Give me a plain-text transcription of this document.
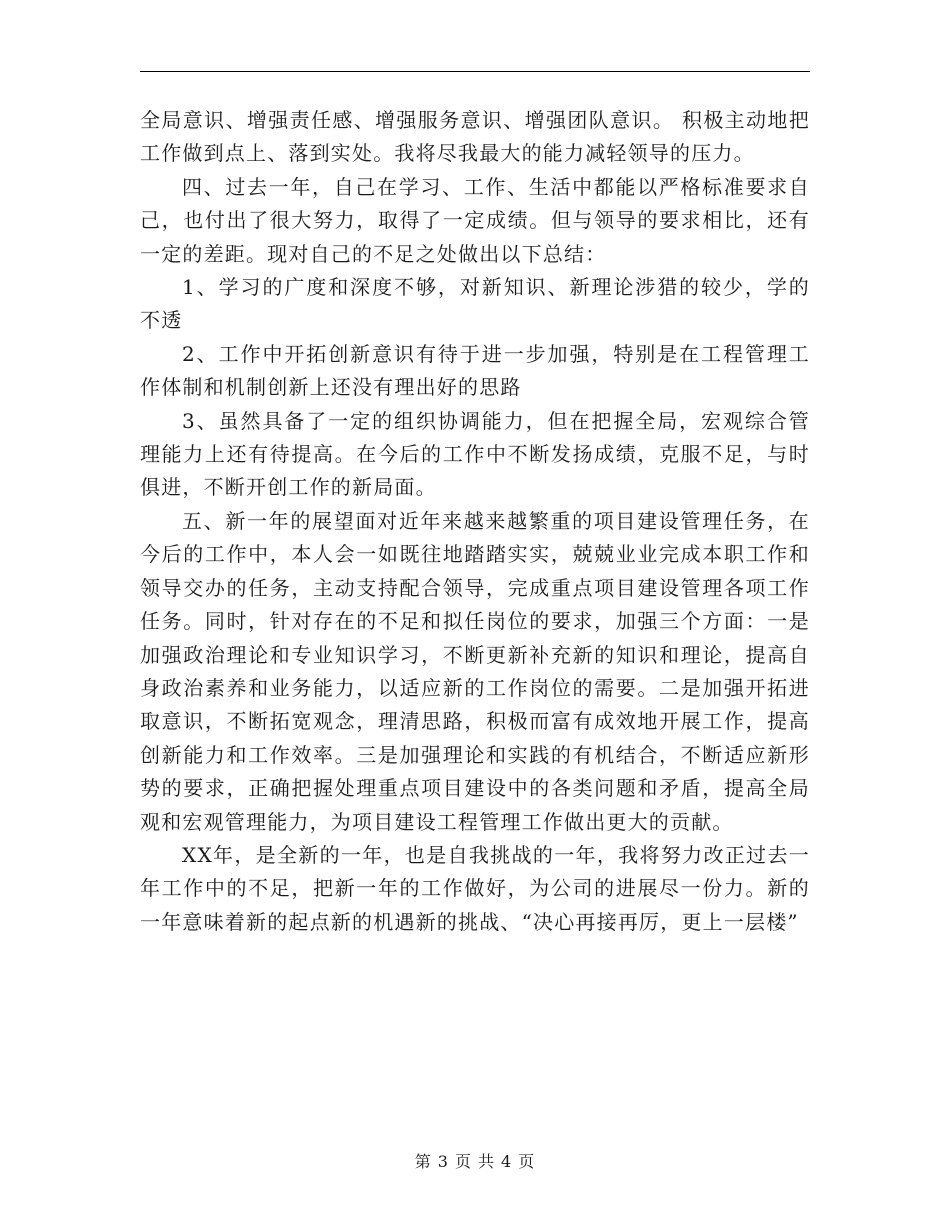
全局意识、增强责任感、增强服务意识、增强团队意识。 积极主动地把工作做到点上、落到实处。我将尽我最大的能力减轻领导的压力。

四、过去一年，自己在学习、工作、生活中都能以严格标准要求自己，也付出了很大努力，取得了一定成绩。但与领导的要求相比，还有一定的差距。现对自己的不足之处做出以下总结：

1、学习的广度和深度不够，对新知识、新理论涉猎的较少，学的不透

2、工作中开拓创新意识有待于进一步加强，特别是在工程管理工作体制和机制创新上还没有理出好的思路

3、虽然具备了一定的组织协调能力，但在把握全局，宏观综合管理能力上还有待提高。在今后的工作中不断发扬成绩，克服不足，与时俱进，不断开创工作的新局面。

五、新一年的展望面对近年来越来越繁重的项目建设管理任务，在今后的工作中，本人会一如既往地踏踏实实，兢兢业业完成本职工作和领导交办的任务，主动支持配合领导，完成重点项目建设管理各项工作任务。同时，针对存在的不足和拟任岗位的要求，加强三个方面：一是加强政治理论和专业知识学习，不断更新补充新的知识和理论，提高自身政治素养和业务能力，以适应新的工作岗位的需要。二是加强开拓进取意识，不断拓宽观念，理清思路，积极而富有成效地开展工作，提高创新能力和工作效率。三是加强理论和实践的有机结合，不断适应新形势的要求，正确把握处理重点项目建设中的各类问题和矛盾，提高全局观和宏观管理能力，为项目建设工程管理工作做出更大的贡献。

XX年，是全新的一年，也是自我挑战的一年，我将努力改正过去一年工作中的不足，把新一年的工作做好，为公司的进展尽一份力。新的一年意味着新的起点新的机遇新的挑战、“决心再接再厉，更上一层楼”

第 3 页 共 4 页
